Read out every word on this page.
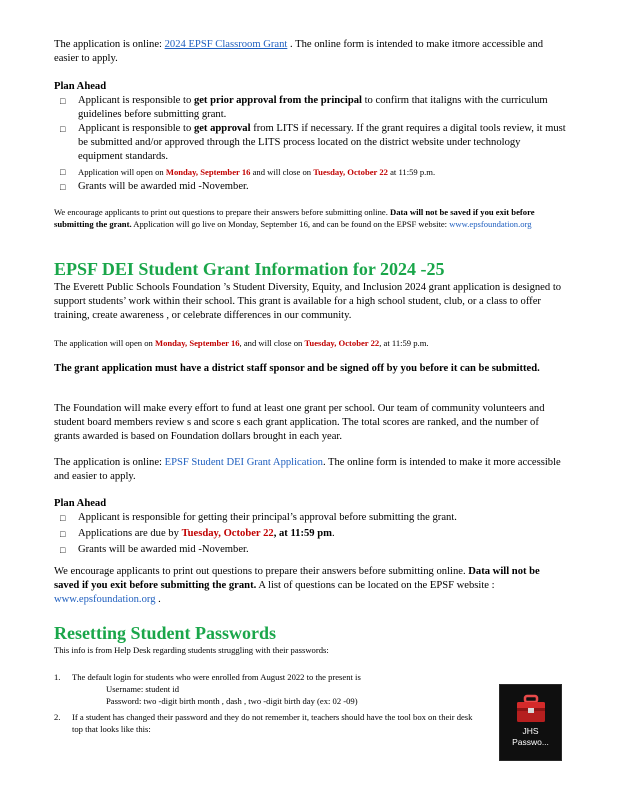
The application is online: 2024 EPSF Classroom Grant . The online form is intended to make itmore accessible and easier to apply.

Plan Ahead

□	Applicant is responsible to get prior approval from the principal to confirm that italigns with the curriculum guidelines before submitting grant.
□	Applicant is responsible to get approval from LITS if necessary. If the grant requires a digital tools review, it must be submitted and/or approved through the LITS process located on the district website under technology equipment standards.
□	Application will open on Monday, September 16 and will close on Tuesday, October 22 at 11:59 p.m.
□	Grants will be awarded mid -November.

We encourage applicants to print out questions to prepare their answers before submitting online. Data will not be saved if you exit before submitting the grant. Application will go live on Monday, September 16, and can be found on the EPSF website: www.epsfoundation.org

EPSF DEI Student Grant Information for 2024 -25

The Everett Public Schools Foundation ’s Student Diversity, Equity, and Inclusion 2024 grant application is designed to support students’ work within their school. This grant is available for a high school student, club, or a class to offer training, create awareness , or celebrate differences in our community.

The application will open on Monday, September 16, and will close on Tuesday, October 22, at 11:59 p.m.

The grant application must have a district staff sponsor and be signed off by you before it can be submitted.

The Foundation will make every effort to fund at least one grant per school. Our team of community volunteers and student board members review s and score s each grant application. The total scores are ranked, and the number of grants awarded is based on Foundation dollars brought in each year.

The application is online: EPSF Student DEI Grant Application. The online form is intended to make it more accessible and easier to apply.

Plan Ahead

□	Applicant is responsible for getting their principal’s approval before submitting the grant.
□	Applications are due by Tuesday, October 22, at 11:59 pm.
□	Grants will be awarded mid -November.

We encourage applicants to print out questions to prepare their answers before submitting online. Data will not be saved if you exit before submitting the grant. A list of questions can be located on the EPSF website : www.epsfoundation.org .

Resetting Student Passwords

This info is from Help Desk regarding students struggling with their passwords:

1.	The default login for students who were enrolled from August 2022 to the present is
Username: student id
Password: two -digit birth month , dash , two -digit birth day (ex: 02 -09)
2.	If a student has changed their password and they do not remember it, teachers should have the tool box on their desk top that looks like this:	JHS
Passwo...
